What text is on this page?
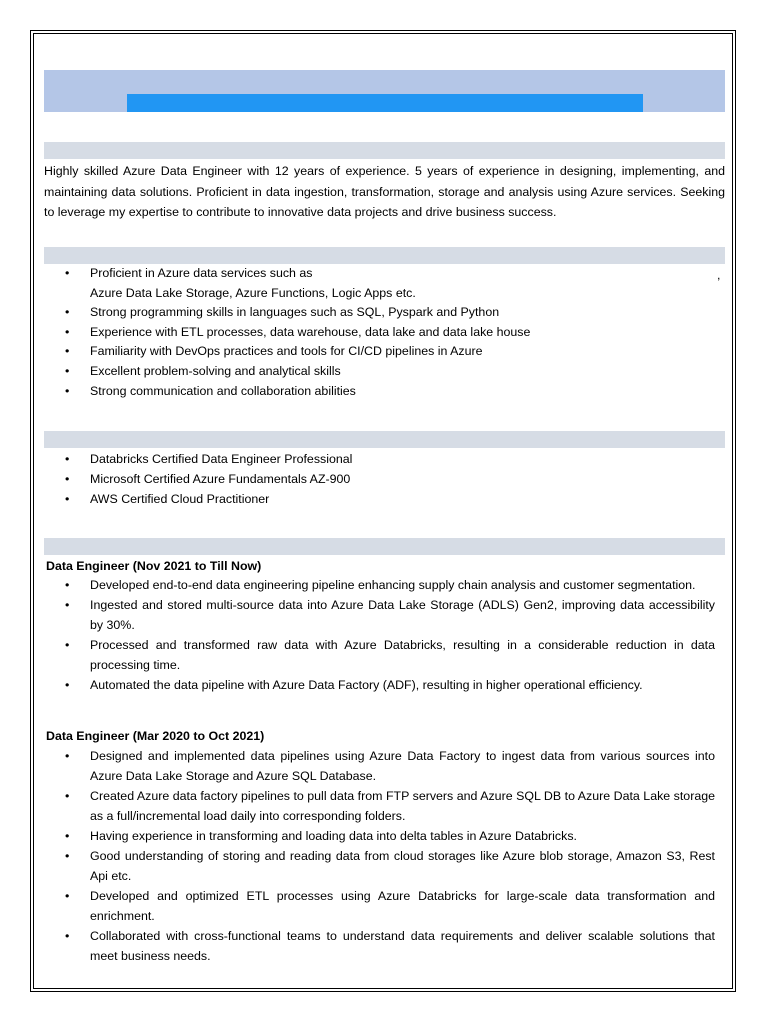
Highly skilled Azure Data Engineer with 12 years of experience. 5 years of experience in designing, implementing, and maintaining data solutions. Proficient in data ingestion, transformation, storage and analysis using Azure services. Seeking to leverage my expertise to contribute to innovative data projects and drive business success.

,
• Proficient in Azure data services such as
Azure Data Lake Storage, Azure Functions, Logic Apps etc.
• Strong programming skills in languages such as SQL, Pyspark and Python
• Experience with ETL processes, data warehouse, data lake and data lake house
• Familiarity with DevOps practices and tools for CI/CD pipelines in Azure
• Excellent problem-solving and analytical skills
• Strong communication and collaboration abilities
• Databricks Certified Data Engineer Professional
• Microsoft Certified Azure Fundamentals AZ-900
• AWS Certified Cloud Practitioner

Data Engineer (Nov 2021 to Till Now)

• Developed end-to-end data engineering pipeline enhancing supply chain analysis and customer segmentation.
• Ingested and stored multi-source data into Azure Data Lake Storage (ADLS) Gen2, improving data accessibility by 30%.
• Processed and transformed raw data with Azure Databricks, resulting in a considerable reduction in data processing time.
• Automated the data pipeline with Azure Data Factory (ADF), resulting in higher operational efficiency.

Data Engineer (Mar 2020 to Oct 2021)

• Designed and implemented data pipelines using Azure Data Factory to ingest data from various sources into Azure Data Lake Storage and Azure SQL Database.
• Created Azure data factory pipelines to pull data from FTP servers and Azure SQL DB to Azure Data Lake storage as a full/incremental load daily into corresponding folders.
• Having experience in transforming and loading data into delta tables in Azure Databricks.
• Good understanding of storing and reading data from cloud storages like Azure blob storage, Amazon S3, Rest Api etc.
• Developed and optimized ETL processes using Azure Databricks for large-scale data transformation and enrichment.
• Collaborated with cross-functional teams to understand data requirements and deliver scalable solutions that meet business needs.
